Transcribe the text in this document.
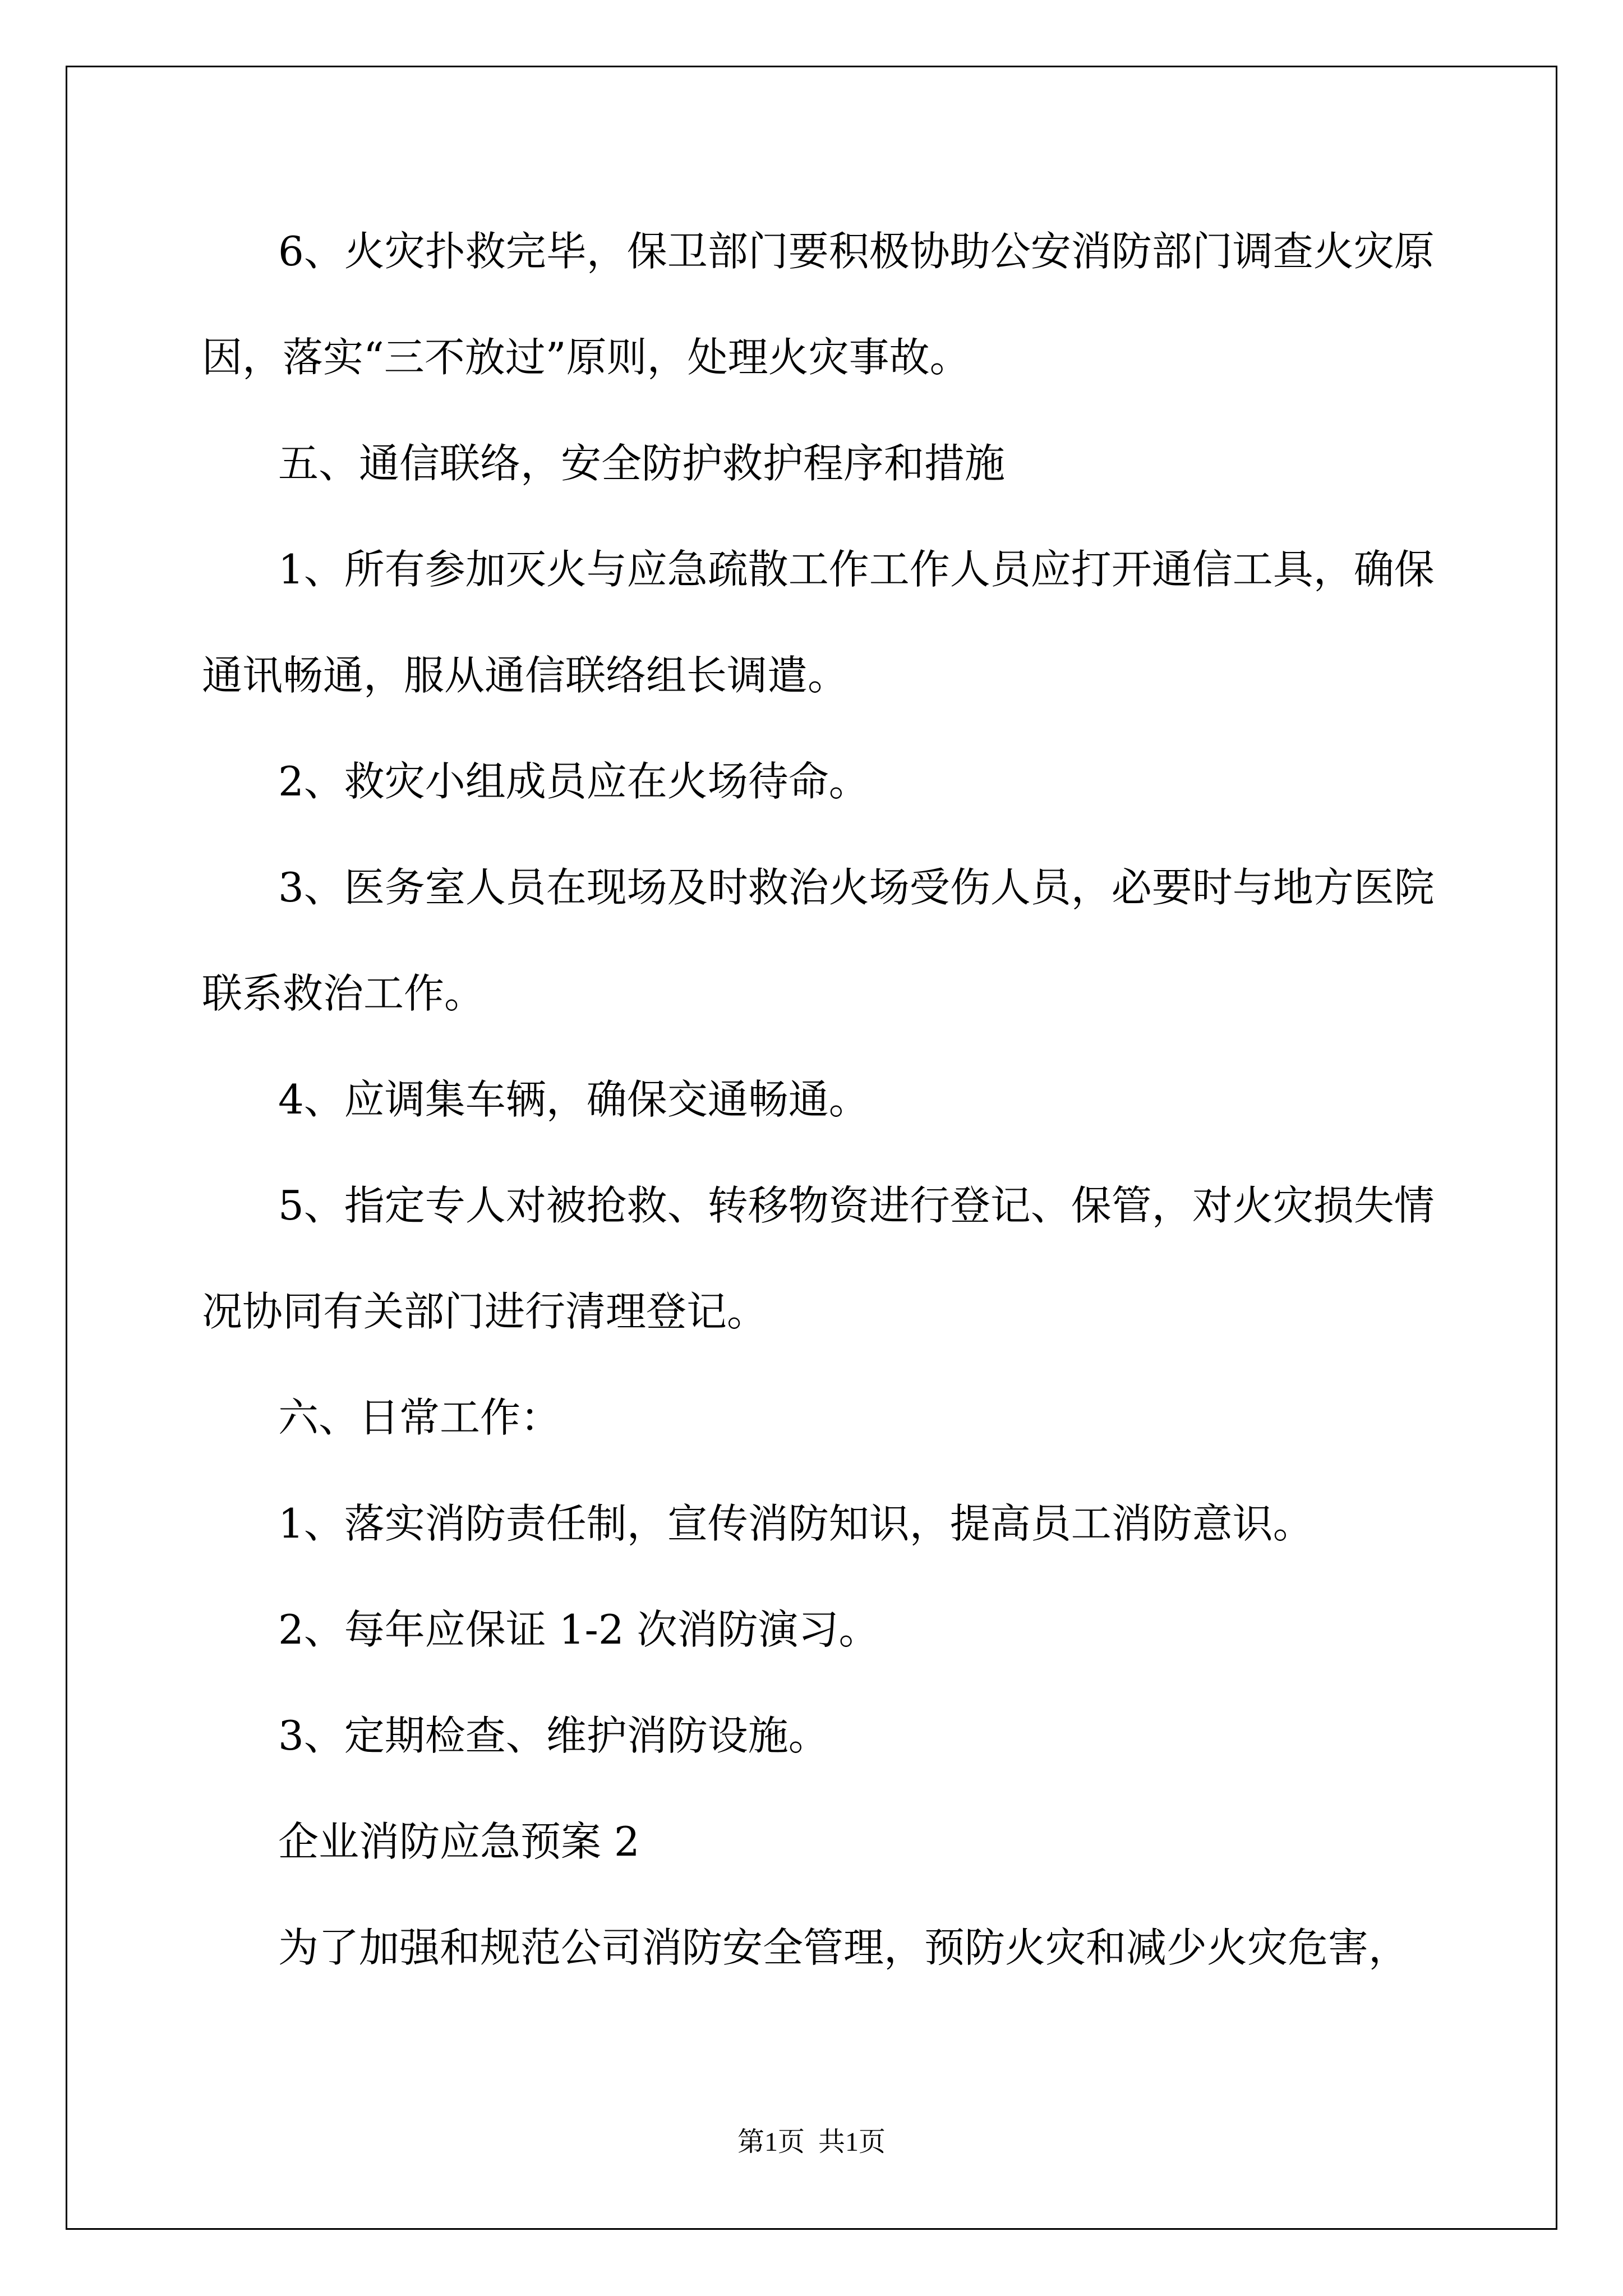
6、火灾扑救完毕，保卫部门要积极协助公安消防部门调查火灾原
因，落实“三不放过”原则，处理火灾事故。
五、通信联络，安全防护救护程序和措施
1、所有参加灭火与应急疏散工作工作人员应打开通信工具，确保
通讯畅通，服从通信联络组长调遣。
2、救灾小组成员应在火场待命。
3、医务室人员在现场及时救治火场受伤人员，必要时与地方医院
联系救治工作。
4、应调集车辆，确保交通畅通。
5、指定专人对被抢救、转移物资进行登记、保管，对火灾损失情
况协同有关部门进行清理登记。
六、日常工作：
1、落实消防责任制，宣传消防知识，提高员工消防意识。
2、每年应保证 1-2 次消防演习。
3、定期检查、维护消防设施。
企业消防应急预案 2
为了加强和规范公司消防安全管理，预防火灾和减少火灾危害，
第1页  共1页
